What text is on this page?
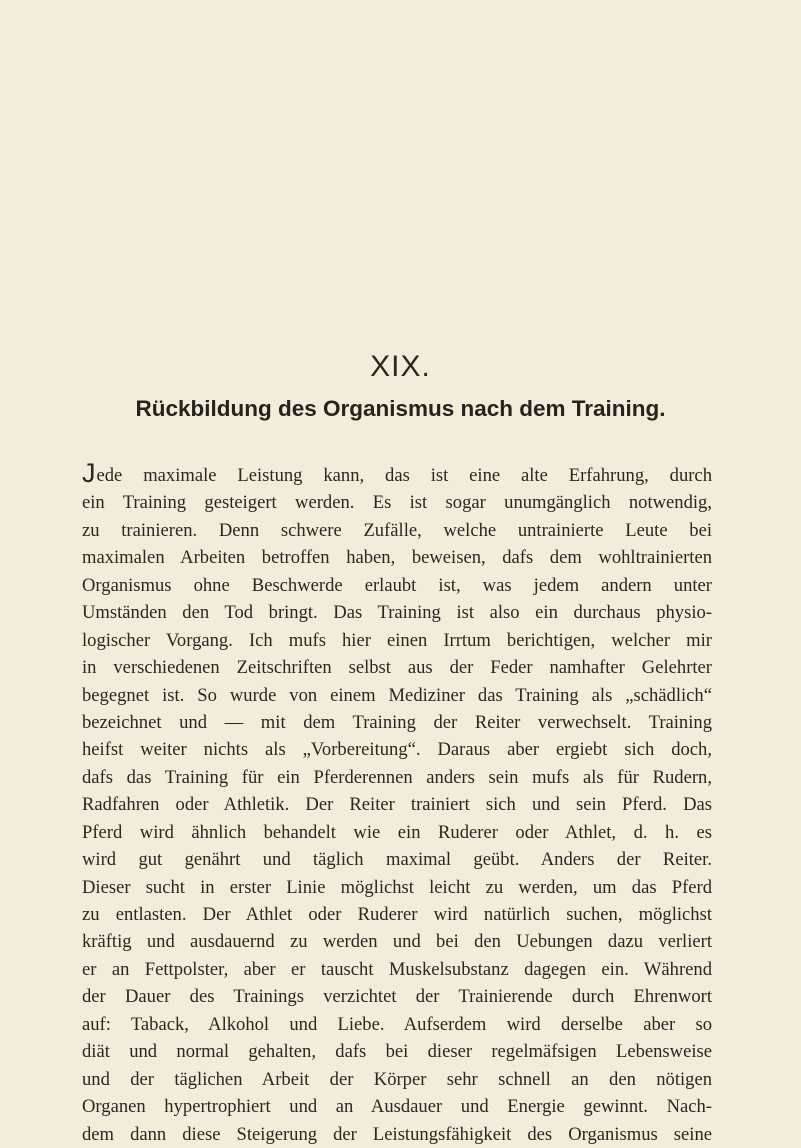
XIX.
Rückbildung des Organismus nach dem Training.
Jede maximale Leistung kann, das ist eine alte Erfahrung, durch
ein Training gesteigert werden. Es ist sogar unumgänglich notwendig,
zu trainieren. Denn schwere Zufälle, welche untrainierte Leute bei
maximalen Arbeiten betroffen haben, beweisen, dafs dem wohltrainierten
Organismus ohne Beschwerde erlaubt ist, was jedem andern unter
Umständen den Tod bringt. Das Training ist also ein durchaus physio-
logischer Vorgang. Ich mufs hier einen Irrtum berichtigen, welcher mir
in verschiedenen Zeitschriften selbst aus der Feder namhafter Gelehrter
begegnet ist. So wurde von einem Mediziner das Training als „schädlich“
bezeichnet und — mit dem Training der Reiter verwechselt. Training
heifst weiter nichts als „Vorbereitung“. Daraus aber ergiebt sich doch,
dafs das Training für ein Pferderennen anders sein mufs als für Rudern,
Radfahren oder Athletik. Der Reiter trainiert sich und sein Pferd. Das
Pferd wird ähnlich behandelt wie ein Ruderer oder Athlet, d. h. es
wird gut genährt und täglich maximal geübt. Anders der Reiter.
Dieser sucht in erster Linie möglichst leicht zu werden, um das Pferd
zu entlasten. Der Athlet oder Ruderer wird natürlich suchen, möglichst
kräftig und ausdauernd zu werden und bei den Uebungen dazu verliert
er an Fettpolster, aber er tauscht Muskelsubstanz dagegen ein. Während
der Dauer des Trainings verzichtet der Trainierende durch Ehrenwort
auf: Taback, Alkohol und Liebe. Aufserdem wird derselbe aber so
diät und normal gehalten, dafs bei dieser regelmäfsigen Lebensweise
und der täglichen Arbeit der Körper sehr schnell an den nötigen
Organen hypertrophiert und an Ausdauer und Energie gewinnt. Nach-
dem dann diese Steigerung der Leistungsfähigkeit des Organismus seine
